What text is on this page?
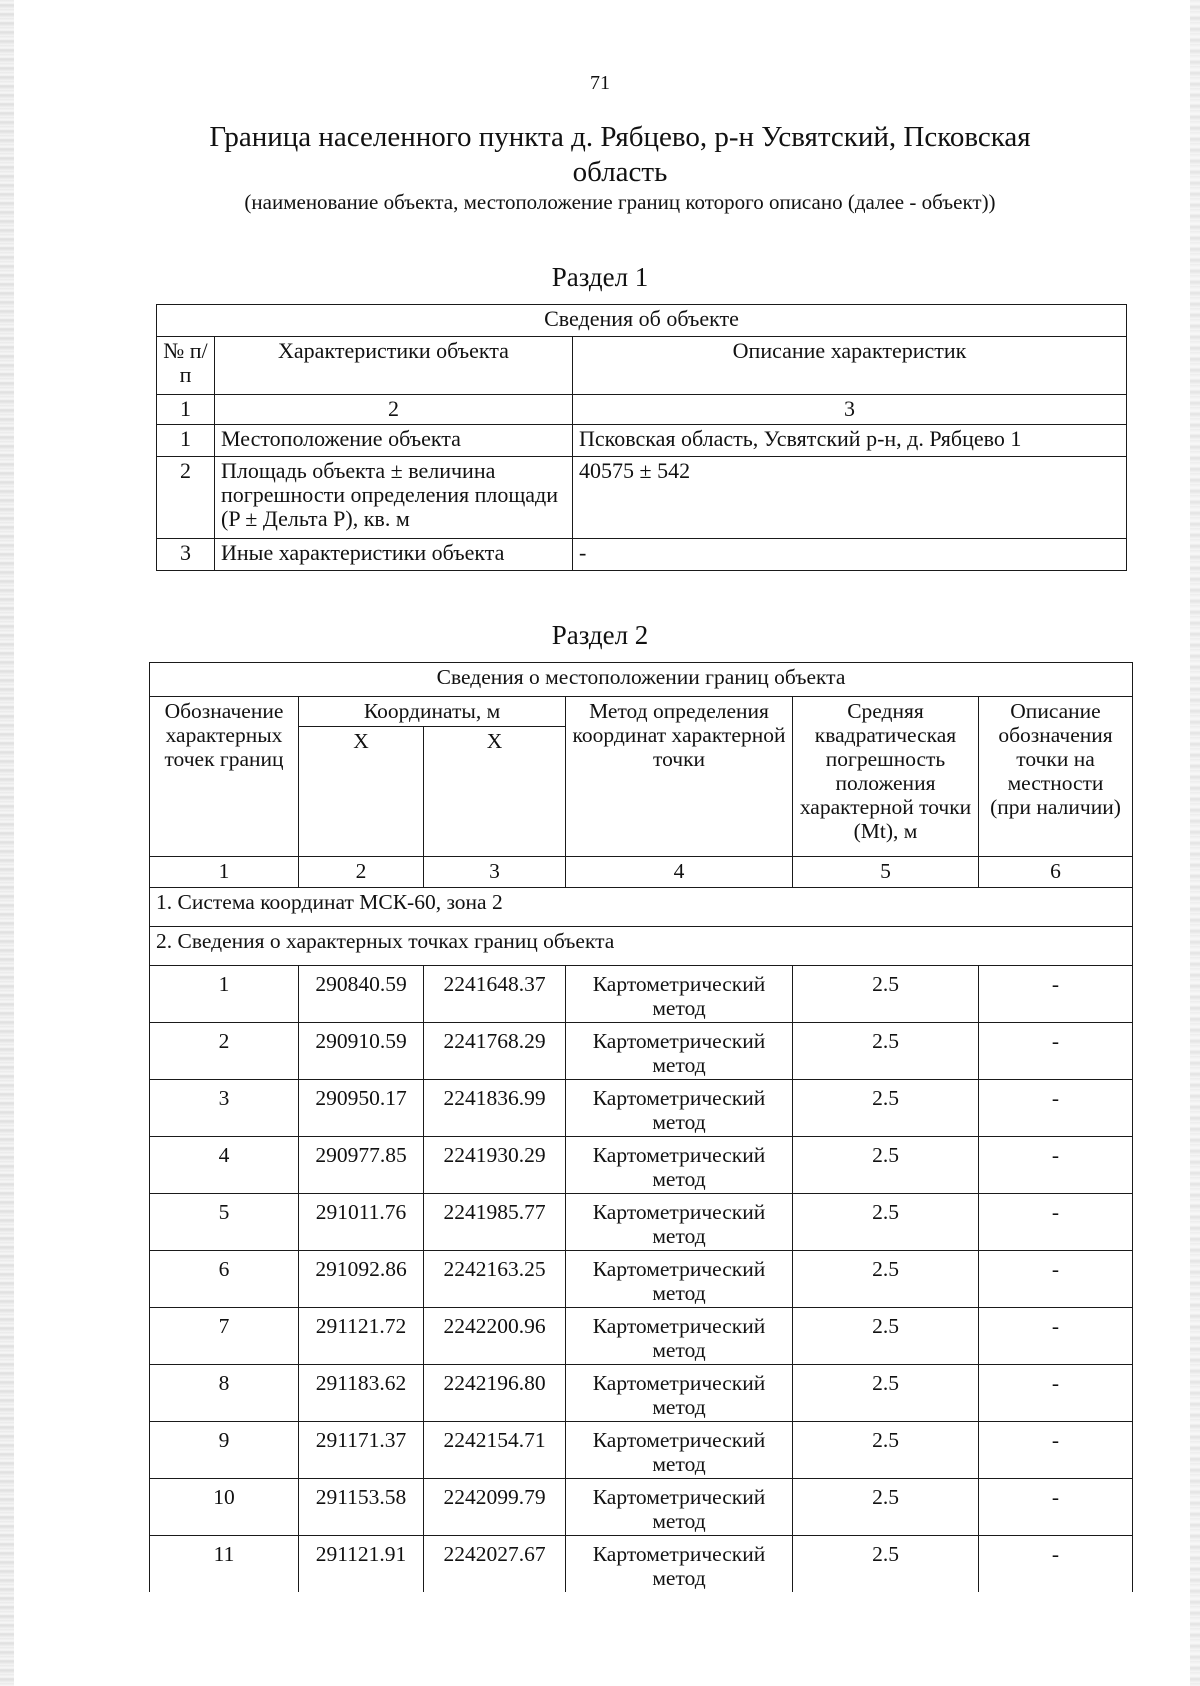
71
Граница населенного пункта д. Рябцево, р-н Усвятский, Псковская область
(наименование объекта, местоположение границ которого описано (далее - объект))
Раздел 1
Сведения об объекте		
№ п/п	Характеристики объекта	Описание характеристик
1	2	3
1	Местоположение объекта	Псковская область, Усвятский р-н, д. Рябцево 1
2	Площадь объекта ± величина погрешности определения площади (P ± Дельта P), кв. м	40575 ± 542
3	Иные характеристики объекта	-
Раздел 2
Сведения о местоположении границ объекта					
Обозначение характерных точек границ	Координаты, м		Метод определения координат характерной точки	Средняя квадратическая погрешность положения характерной точки (Mt), м	Описание обозначения точки на местности (при наличии)
	X	X			
1	2	3	4	5	6
1. Система координат МСК-60, зона 2					
2. Сведения о характерных точках границ объекта					
1	290840.59	2241648.37	Картометрический метод	2.5	-
2	290910.59	2241768.29	Картометрический метод	2.5	-
3	290950.17	2241836.99	Картометрический метод	2.5	-
4	290977.85	2241930.29	Картометрический метод	2.5	-
5	291011.76	2241985.77	Картометрический метод	2.5	-
6	291092.86	2242163.25	Картометрический метод	2.5	-
7	291121.72	2242200.96	Картометрический метод	2.5	-
8	291183.62	2242196.80	Картометрический метод	2.5	-
9	291171.37	2242154.71	Картометрический метод	2.5	-
10	291153.58	2242099.79	Картометрический метод	2.5	-
11	291121.91	2242027.67	Картометрический метод	2.5	-
